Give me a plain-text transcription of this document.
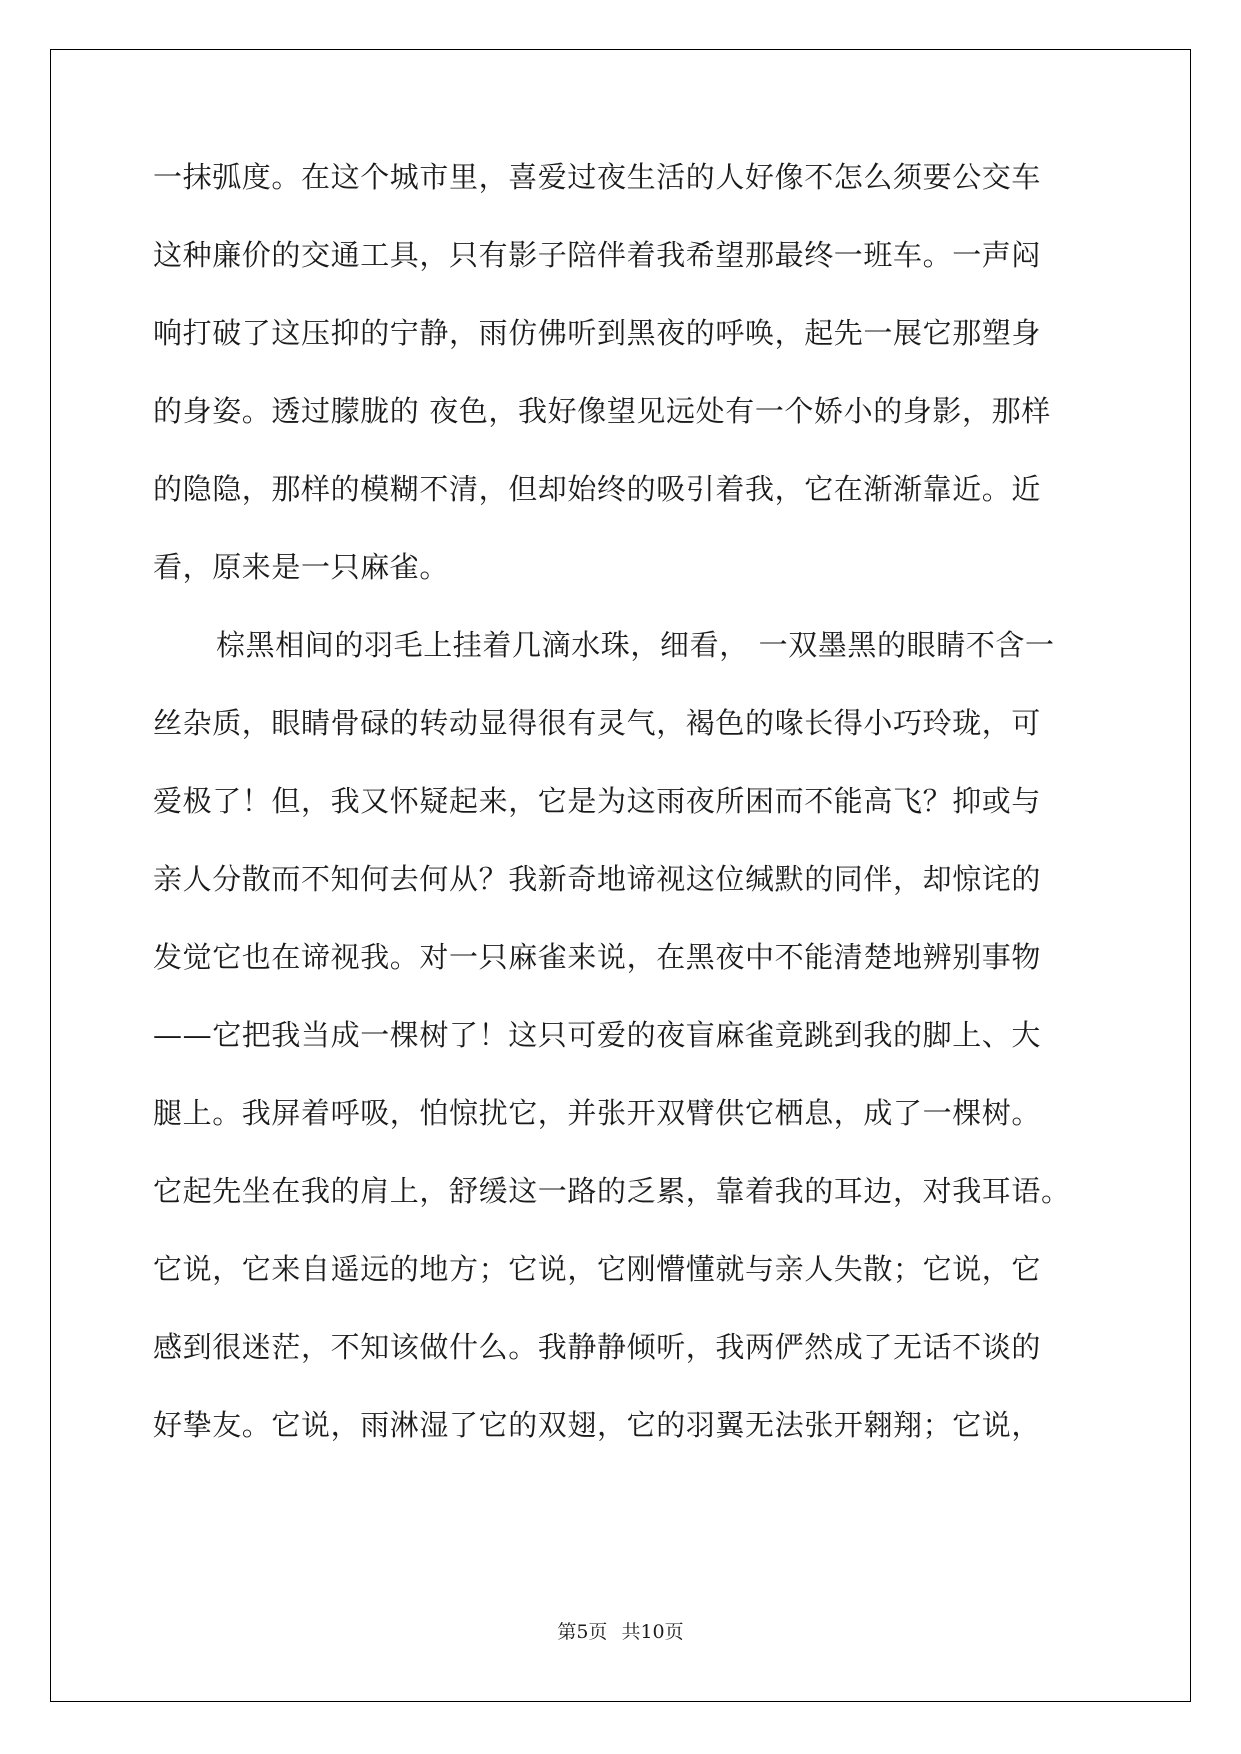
一抹弧度。在这个城市里，喜爱过夜生活的人好像不怎么须要公交车
这种廉价的交通工具，只有影子陪伴着我希望那最终一班车。一声闷
响打破了这压抑的宁静，雨仿佛听到黑夜的呼唤，起先一展它那塑身
的身姿。透过朦胧的 夜色，我好像望见远处有一个娇小的身影，那样
的隐隐，那样的模糊不清，但却始终的吸引着我，它在渐渐靠近。近
看，原来是一只麻雀。
棕黑相间的羽毛上挂着几滴水珠，细看， 一双墨黑的眼睛不含一
丝杂质，眼睛骨碌的转动显得很有灵气，褐色的喙长得小巧玲珑，可
爱极了！但，我又怀疑起来，它是为这雨夜所困而不能高飞？抑或与
亲人分散而不知何去何从？我新奇地谛视这位缄默的同伴，却惊诧的
发觉它也在谛视我。对一只麻雀来说，在黑夜中不能清楚地辨别事物
——它把我当成一棵树了！这只可爱的夜盲麻雀竟跳到我的脚上、大
腿上。我屏着呼吸，怕惊扰它，并张开双臂供它栖息，成了一棵树。
它起先坐在我的肩上，舒缓这一路的乏累，靠着我的耳边，对我耳语。
它说，它来自遥远的地方；它说，它刚懵懂就与亲人失散；它说，它
感到很迷茫，不知该做什么。我静静倾听，我两俨然成了无话不谈的
好挚友。它说，雨淋湿了它的双翅，它的羽翼无法张开翱翔；它说，
第5页 共10页
